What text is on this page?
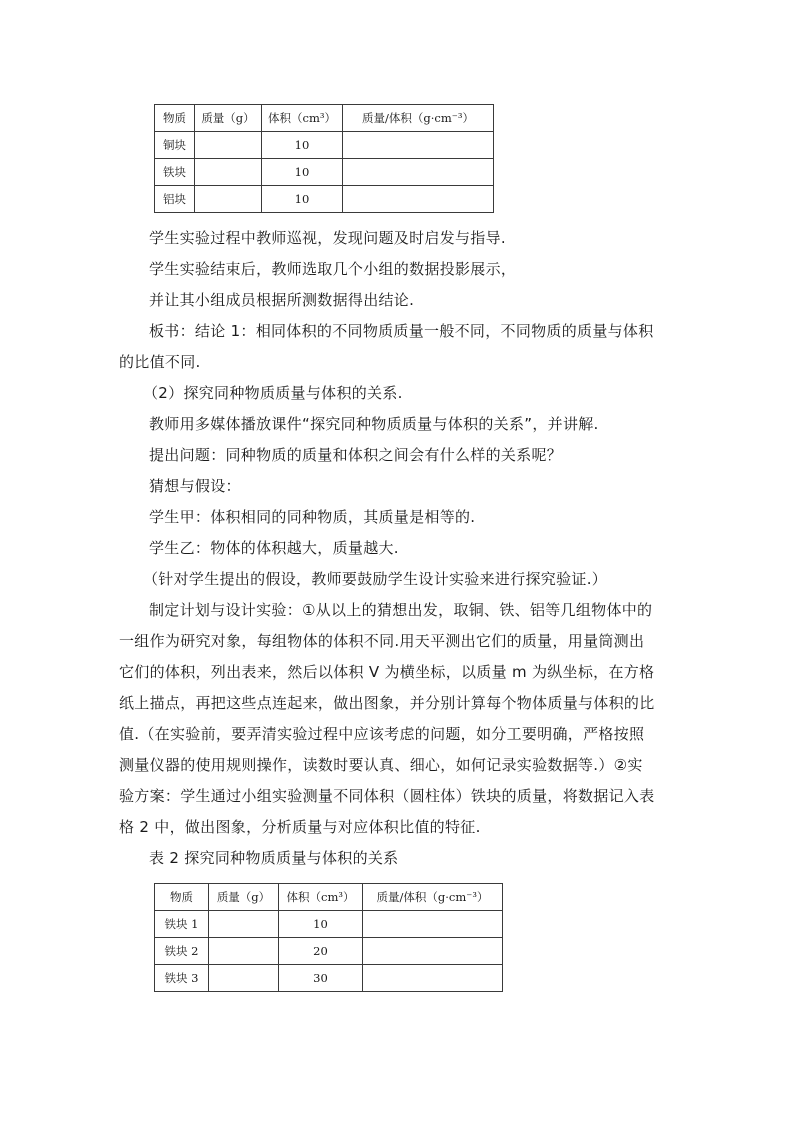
物质	质量（g）	体积（cm³）	质量/体积（g·cm⁻³）
铜块		10	
铁块		10	
铝块		10	
学生实验过程中教师巡视，发现问题及时启发与指导.
学生实验结束后，教师选取几个小组的数据投影展示，
并让其小组成员根据所测数据得出结论.
板书：结论 1：相同体积的不同物质质量一般不同，不同物质的质量与体积
的比值不同.
（2）探究同种物质质量与体积的关系.
教师用多媒体播放课件“探究同种物质质量与体积的关系”，并讲解.
提出问题：同种物质的质量和体积之间会有什么样的关系呢？
猜想与假设：
学生甲：体积相同的同种物质，其质量是相等的.
学生乙：物体的体积越大，质量越大.
（针对学生提出的假设，教师要鼓励学生设计实验来进行探究验证.）
制定计划与设计实验：①从以上的猜想出发，取铜、铁、铝等几组物体中的
一组作为研究对象，每组物体的体积不同.用天平测出它们的质量，用量筒测出
它们的体积，列出表来，然后以体积 V 为横坐标，以质量 m 为纵坐标，在方格
纸上描点，再把这些点连起来，做出图象，并分别计算每个物体质量与体积的比
值.（在实验前，要弄清实验过程中应该考虑的问题，如分工要明确，严格按照
测量仪器的使用规则操作，读数时要认真、细心，如何记录实验数据等.）②实
验方案：学生通过小组实验测量不同体积（圆柱体）铁块的质量，将数据记入表
格 2 中，做出图象，分析质量与对应体积比值的特征.
表 2 探究同种物质质量与体积的关系
物质	质量（g）	体积（cm³）	质量/体积（g·cm⁻³）
铁块 1		10	
铁块 2		20	
铁块 3		30	
